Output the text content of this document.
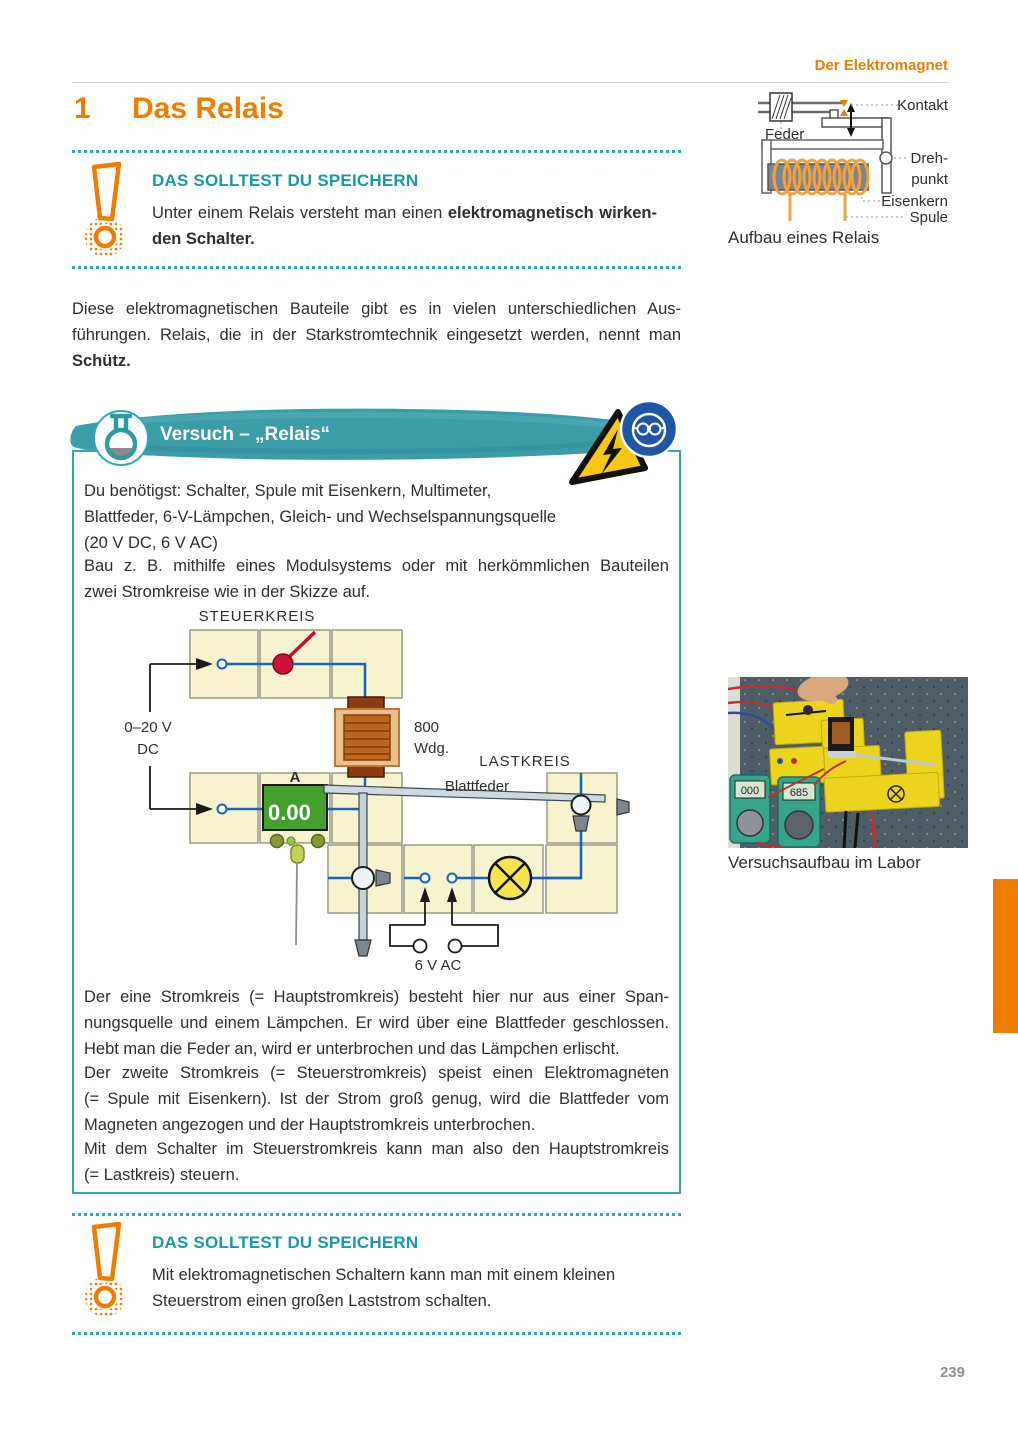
Der Elektromagnet
1	Das Relais
DAS SOLLTEST DU SPEICHERN
Unter einem Relais versteht man einen elektromagnetisch wirken-
den Schalter.
Diese elektromagnetischen Bauteile gibt es in vielen unterschiedlichen Aus-
führungen. Relais, die in der Starkstromtechnik eingesetzt werden, nennt man
Schütz.
Feder
Kontakt
Dreh-
punkt
Eisenkern
Spule
Aufbau eines Relais
Versuch – „Relais“
Du benötigst: Schalter, Spule mit Eisenkern, Multimeter,
Blattfeder, 6-V-Lämpchen, Gleich- und Wechselspannungsquelle
(20 V DC, 6 V AC)
Bau z. B. mithilfe eines Modulsystems oder mit herkömmlichen Bauteilen
zwei Stromkreise wie in der Skizze auf.
0.00
0–20 V
DC
6 V AC
STEUERKREIS
LASTKREIS
Blattfeder
800
Wdg.
A
Der eine Stromkreis (= Hauptstromkreis) besteht hier nur aus einer Span-
nungsquelle und einem Lämpchen. Er wird über eine Blattfeder geschlossen.
Hebt man die Feder an, wird er unterbrochen und das Lämpchen erlischt.
Der zweite Stromkreis (= Steuerstromkreis) speist einen Elektromagneten
(= Spule mit Eisenkern). Ist der Strom groß genug, wird die Blattfeder vom
Magneten angezogen und der Hauptstromkreis unterbrochen.
Mit dem Schalter im Steuerstromkreis kann man also den Hauptstromkreis
(= Lastkreis) steuern.
000	685
Versuchsaufbau im Labor
DAS SOLLTEST DU SPEICHERN
Mit elektromagnetischen Schaltern kann man mit einem kleinen
Steuerstrom einen großen Laststrom schalten.
239
